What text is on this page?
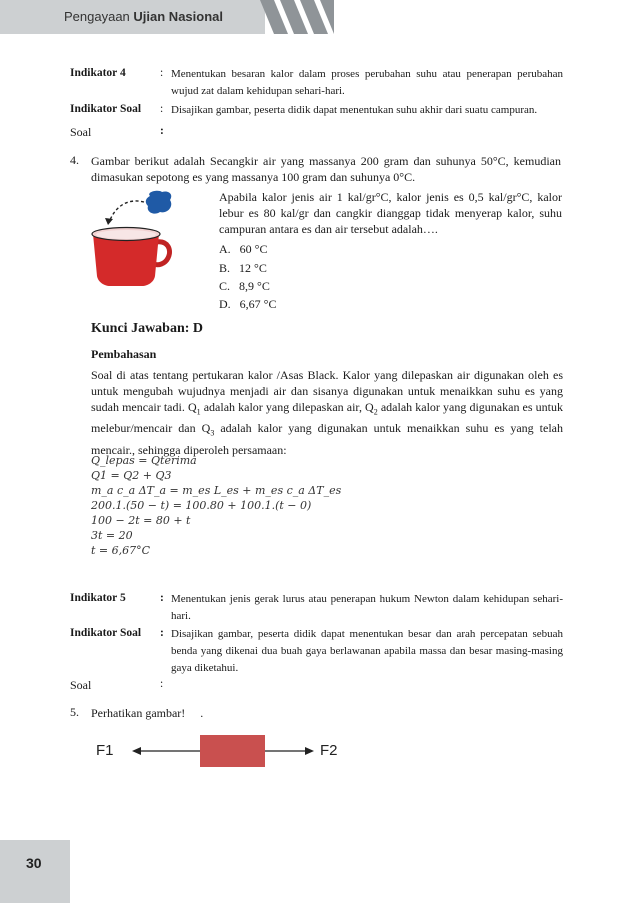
Pengayaan Ujian Nasional
Indikator 4	: Menentukan besaran kalor dalam proses perubahan suhu atau penerapan perubahan wujud zat dalam kehidupan sehari-hari.
Indikator Soal : Disajikan gambar, peserta didik dapat menentukan suhu akhir dari suatu campuran.
Soal	:
4. Gambar berikut adalah Secangkir air yang massanya 200 gram dan suhunya 50°C, kemudian dimasukan sepotong es yang massanya 100 gram dan suhunya 0°C.
Apabila kalor jenis air 1 kal/gr°C, kalor jenis es 0,5 kal/gr°C, kalor lebur es 80 kal/gr dan cangkir dianggap tidak menyerap kalor, suhu campuran antara es dan air tersebut adalah….
A. 60 °C
B. 12 °C
C. 8,9 °C
D. 6,67 °C
Kunci Jawaban: D
Pembahasan
Soal di atas tentang pertukaran kalor /Asas Black. Kalor yang dilepaskan air digunakan oleh es untuk mengubah wujudnya menjadi air dan sisanya digunakan untuk menaikkan suhu es yang sudah mencair tadi. $Q_1$ adalah kalor yang dilepaskan air, $Q_2$ adalah kalor yang digunakan es untuk melebur/mencair dan $Q_3$ adalah kalor yang digunakan untuk menaikkan suhu es yang telah mencair., sehingga diperoleh persamaan:
Q_lepas = Qterima
Q1 = Q2 + Q3
m_a c_a ΔT_a = m_es L_es + m_es c_a ΔT_es
200.1.(50 − t) = 100.80 + 100.1.(t − 0)
100 − 2t = 80 + t
3t = 20
t = 6,67°C
Indikator 5	: Menentukan jenis gerak lurus atau penerapan hukum Newton dalam kehidupan sehari-hari.
Indikator Soal : Disajikan gambar, peserta didik dapat menentukan besar dan arah percepatan sebuah benda yang dikenai dua buah gaya berlawanan apabila massa dan besar masing-masing gaya diketahui.
Soal	:
5. Perhatikan gambar!     .
F1	F2
30
